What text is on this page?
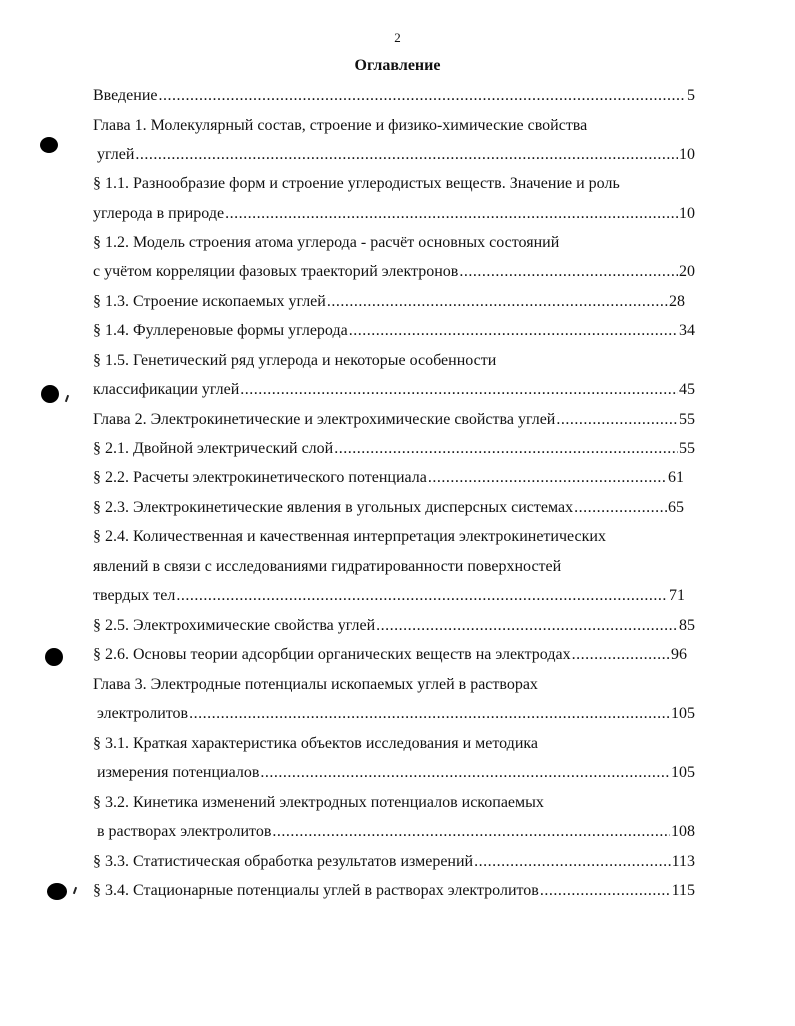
2
Оглавление
Введение .....	5
Глава 1. Молекулярный состав, строение и физико-химические свойства
углей .....	10
§ 1.1. Разнообразие форм и строение углеродистых веществ. Значение и роль
углерода в природе .....	10
§ 1.2. Модель строения атома углерода - расчёт основных состояний
с учётом корреляции фазовых траекторий электронов .....	20
§ 1.3. Строение ископаемых углей .....	28
§ 1.4. Фуллереновые формы углерода .....	34
§ 1.5. Генетический ряд углерода и некоторые особенности
классификации углей .....	45
Глава 2. Электрокинетические и электрохимические свойства углей .....	55
§ 2.1. Двойной электрический слой .....	55
§ 2.2. Расчеты электрокинетического потенциала .....	61
§ 2.3. Электрокинетические явления в угольных дисперсных системах .....	65
§ 2.4. Количественная и качественная интерпретация электрокинетических
явлений в связи с исследованиями гидратированности поверхностей
твердых тел .....	71
§ 2.5. Электрохимические свойства углей .....	85
§ 2.6. Основы теории адсорбции органических веществ на электродах .....	96
Глава 3. Электродные потенциалы ископаемых углей в растворах
электролитов .....	105
§ 3.1. Краткая характеристика объектов исследования и методика
измерения потенциалов .....	105
§ 3.2. Кинетика изменений электродных потенциалов ископаемых
в растворах электролитов .....	108
§ 3.3. Статистическая обработка результатов измерений .....	113
§ 3.4. Стационарные потенциалы углей в растворах электролитов .....	115
